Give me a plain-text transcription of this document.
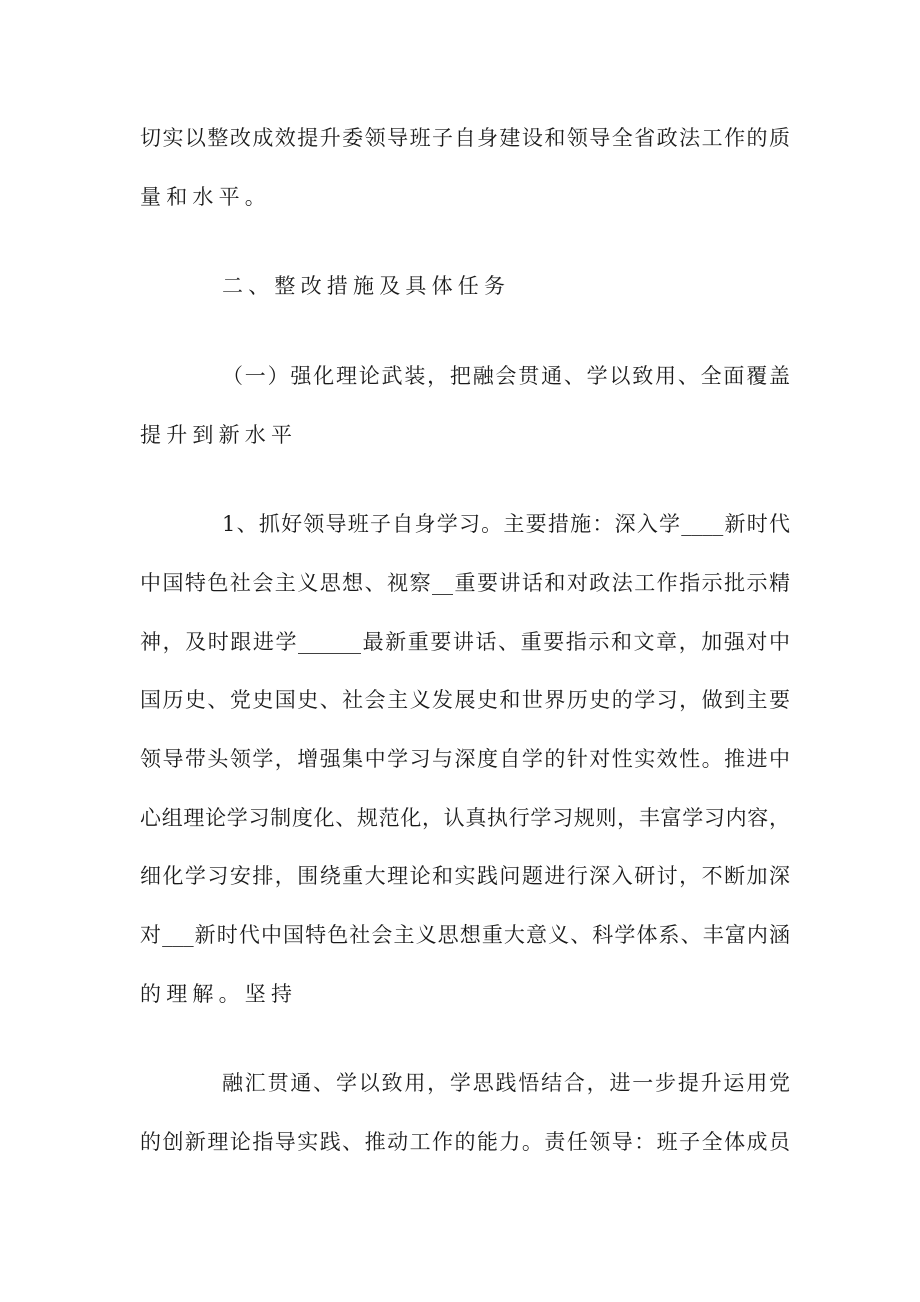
切实以整改成效提升委领导班子自身建设和领导全省政法工作的质
量和水平。
二、整改措施及具体任务
（一）强化理论武装，把融会贯通、学以致用、全面覆盖
提升到新水平
1、抓好领导班子自身学习。主要措施：深入学____新时代
中国特色社会主义思想、视察__重要讲话和对政法工作指示批示精
神，及时跟进学______最新重要讲话、重要指示和文章，加强对中
国历史、党史国史、社会主义发展史和世界历史的学习，做到主要
领导带头领学，增强集中学习与深度自学的针对性实效性。推进中
心组理论学习制度化、规范化，认真执行学习规则，丰富学习内容，
细化学习安排，围绕重大理论和实践问题进行深入研讨，不断加深
对___新时代中国特色社会主义思想重大意义、科学体系、丰富内涵
的理解。坚持
融汇贯通、学以致用，学思践悟结合，进一步提升运用党
的创新理论指导实践、推动工作的能力。责任领导：班子全体成员
